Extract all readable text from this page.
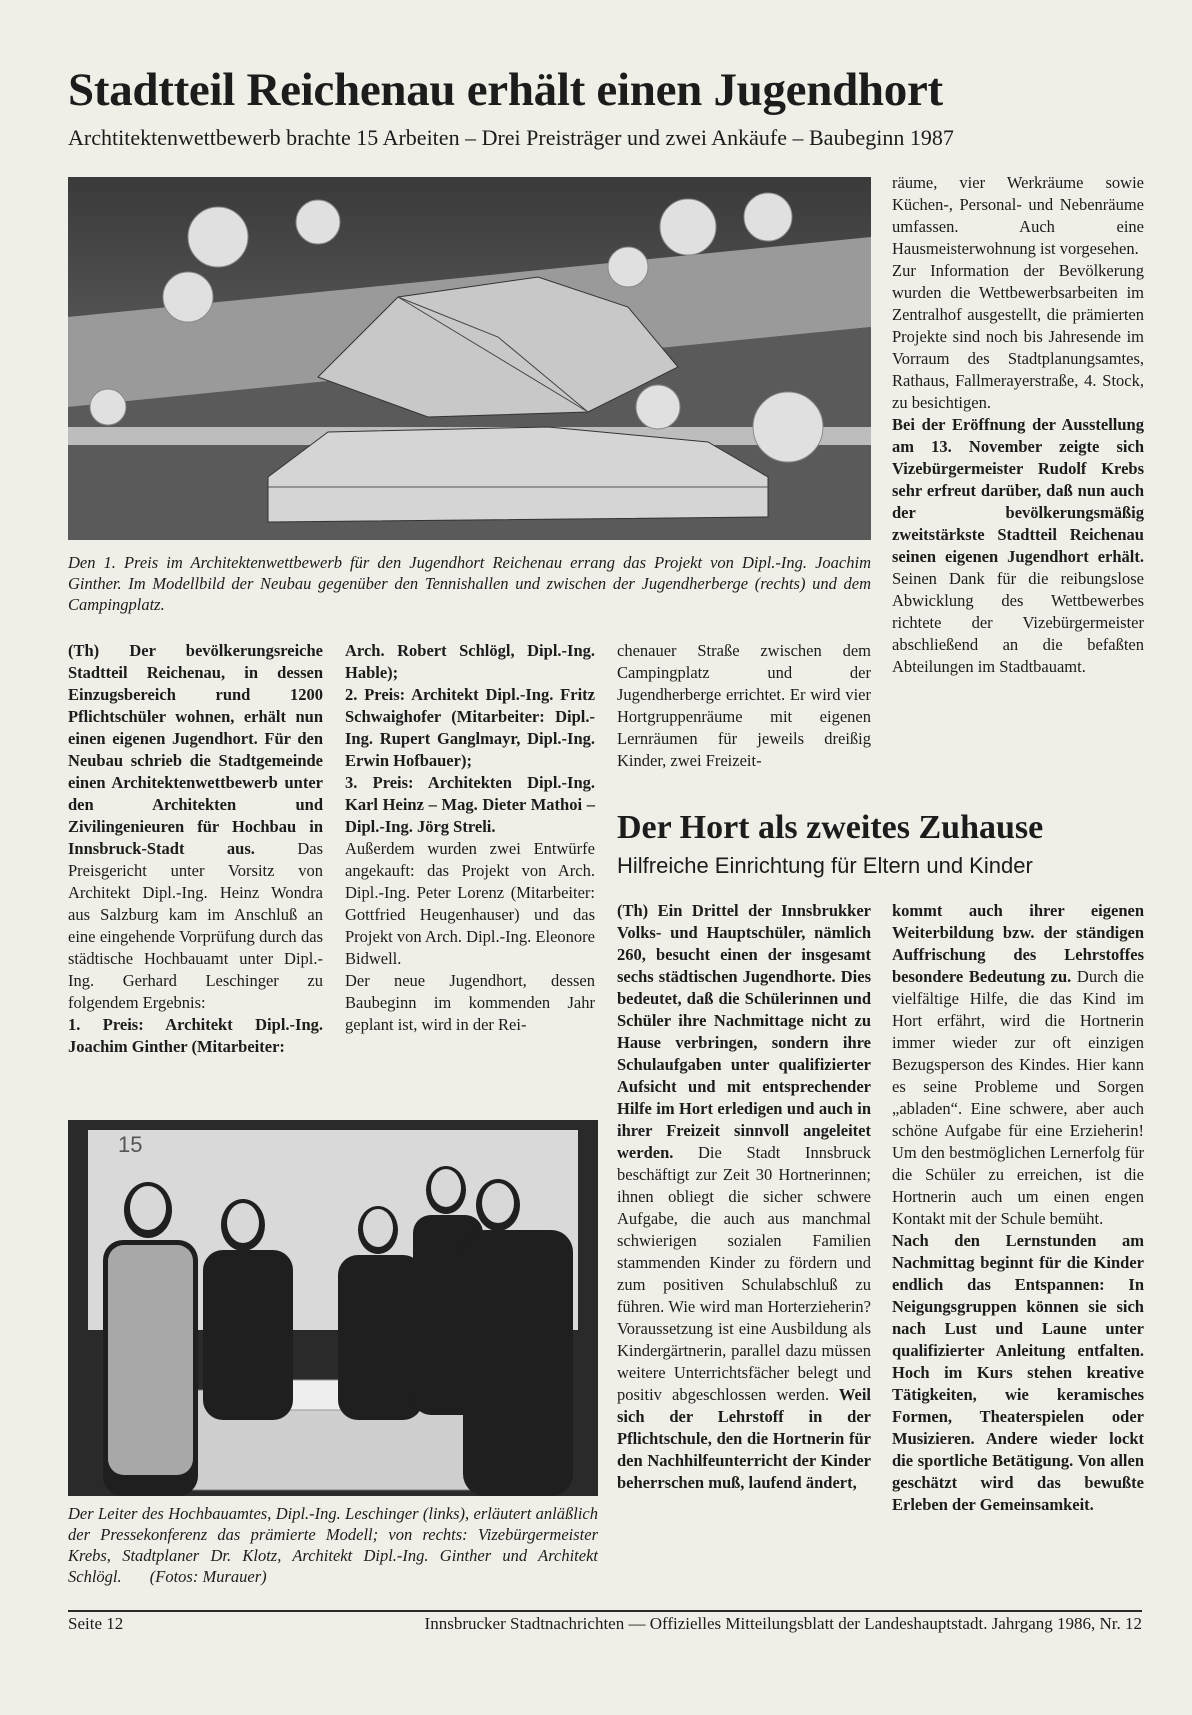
Stadtteil Reichenau erhält einen Jugendhort
Archtitektenwettbewerb brachte 15 Arbeiten – Drei Preisträger und zwei Ankäufe – Baubeginn 1987
Den 1. Preis im Architektenwettbewerb für den Jugendhort Reichenau errang das Projekt von Dipl.-Ing. Joachim Ginther. Im Modellbild der Neubau gegenüber den Tennishallen und zwischen der Jugendherberge (rechts) und dem Campingplatz.

(Th) Der bevölkerungsreiche Stadtteil Reichenau, in dessen Einzugsbereich rund 1200 Pflichtschüler wohnen, erhält nun einen eigenen Jugendhort. Für den Neubau schrieb die Stadtgemeinde einen Architektenwettbewerb unter den Architekten und Zivilingenieuren für Hochbau in Innsbruck-Stadt aus. Das Preisgericht unter Vorsitz von Architekt Dipl.-Ing. Heinz Wondra aus Salzburg kam im Anschluß an eine eingehende Vorprüfung durch das städtische Hochbauamt unter Dipl.-Ing. Gerhard Leschinger zu folgendem Ergebnis:

1. Preis: Architekt Dipl.-Ing. Joachim Ginther (Mitarbeiter:

Arch. Robert Schlögl, Dipl.-Ing. Hable);

2. Preis: Architekt Dipl.-Ing. Fritz Schwaighofer (Mitarbeiter: Dipl.-Ing. Rupert Ganglmayr, Dipl.-Ing. Erwin Hofbauer);

3. Preis: Architekten Dipl.-Ing. Karl Heinz – Mag. Dieter Mathoi – Dipl.-Ing. Jörg Streli.

Außerdem wurden zwei Entwürfe angekauft: das Projekt von Arch. Dipl.-Ing. Peter Lorenz (Mitarbeiter: Gottfried Heugenhauser) und das Projekt von Arch. Dipl.-Ing. Eleonore Bidwell.

Der neue Jugendhort, dessen Baubeginn im kommenden Jahr geplant ist, wird in der Rei-

chenauer Straße zwischen dem Campingplatz und der Jugendherberge errichtet. Er wird vier Hortgruppenräume mit eigenen Lernräumen für jeweils dreißig Kinder, zwei Freizeit-

räume, vier Werkräume sowie Küchen-, Personal- und Nebenräume umfassen. Auch eine Hausmeisterwohnung ist vorgesehen.

Zur Information der Bevölkerung wurden die Wettbewerbsarbeiten im Zentralhof ausgestellt, die prämierten Projekte sind noch bis Jahresende im Vorraum des Stadtplanungsamtes, Rathaus, Fallmerayerstraße, 4. Stock, zu besichtigen.

Bei der Eröffnung der Ausstellung am 13. November zeigte sich Vizebürgermeister Rudolf Krebs sehr erfreut darüber, daß nun auch der bevölkerungsmäßig zweitstärkste Stadtteil Reichenau seinen eigenen Jugendhort erhält. Seinen Dank für die reibungslose Abwicklung des Wettbewerbes richtete der Vizebürgermeister abschließend an die befaßten Abteilungen im Stadtbauamt.

15
Der Leiter des Hochbauamtes, Dipl.-Ing. Leschinger (links), erläutert anläßlich der Pressekonferenz das prämierte Modell; von rechts: Vizebürgermeister Krebs, Stadtplaner Dr. Klotz, Architekt Dipl.-Ing. Ginther und Architekt Schlögl. (Fotos: Murauer)
Der Hort als zweites Zuhause
Hilfreiche Einrichtung für Eltern und Kinder

(Th) Ein Drittel der Innsbrukker Volks- und Hauptschüler, nämlich 260, besucht einen der insgesamt sechs städtischen Jugendhorte. Dies bedeutet, daß die Schülerinnen und Schüler ihre Nachmittage nicht zu Hause verbringen, sondern ihre Schulaufgaben unter qualifizierter Aufsicht und mit entsprechender Hilfe im Hort erledigen und auch in ihrer Freizeit sinnvoll angeleitet werden. Die Stadt Innsbruck beschäftigt zur Zeit 30 Hortnerinnen; ihnen obliegt die sicher schwere Aufgabe, die auch aus manchmal schwierigen sozialen Familien stammenden Kinder zu fördern und zum positiven Schulabschluß zu führen. Wie wird man Horterzieherin? Voraussetzung ist eine Ausbildung als Kindergärtnerin, parallel dazu müssen weitere Unterrichtsfächer belegt und positiv abgeschlossen werden. Weil sich der Lehrstoff in der Pflichtschule, den die Hortnerin für den Nachhilfeunterricht der Kinder beherrschen muß, laufend ändert,

kommt auch ihrer eigenen Weiterbildung bzw. der ständigen Auffrischung des Lehrstoffes besondere Bedeutung zu. Durch die vielfältige Hilfe, die das Kind im Hort erfährt, wird die Hortnerin immer wieder zur oft einzigen Bezugsperson des Kindes. Hier kann es seine Probleme und Sorgen „abladen“. Eine schwere, aber auch schöne Aufgabe für eine Erzieherin! Um den bestmöglichen Lernerfolg für die Schüler zu erreichen, ist die Hortnerin auch um einen engen Kontakt mit der Schule bemüht.

Nach den Lernstunden am Nachmittag beginnt für die Kinder endlich das Entspannen: In Neigungsgruppen können sie sich nach Lust und Laune unter qualifizierter Anleitung entfalten. Hoch im Kurs stehen kreative Tätigkeiten, wie keramisches Formen, Theaterspielen oder Musizieren. Andere wieder lockt die sportliche Betätigung. Von allen geschätzt wird das bewußte Erleben der Gemeinsamkeit.

Seite 12	Innsbrucker Stadtnachrichten — Offizielles Mitteilungsblatt der Landeshauptstadt. Jahrgang 1986, Nr. 12
